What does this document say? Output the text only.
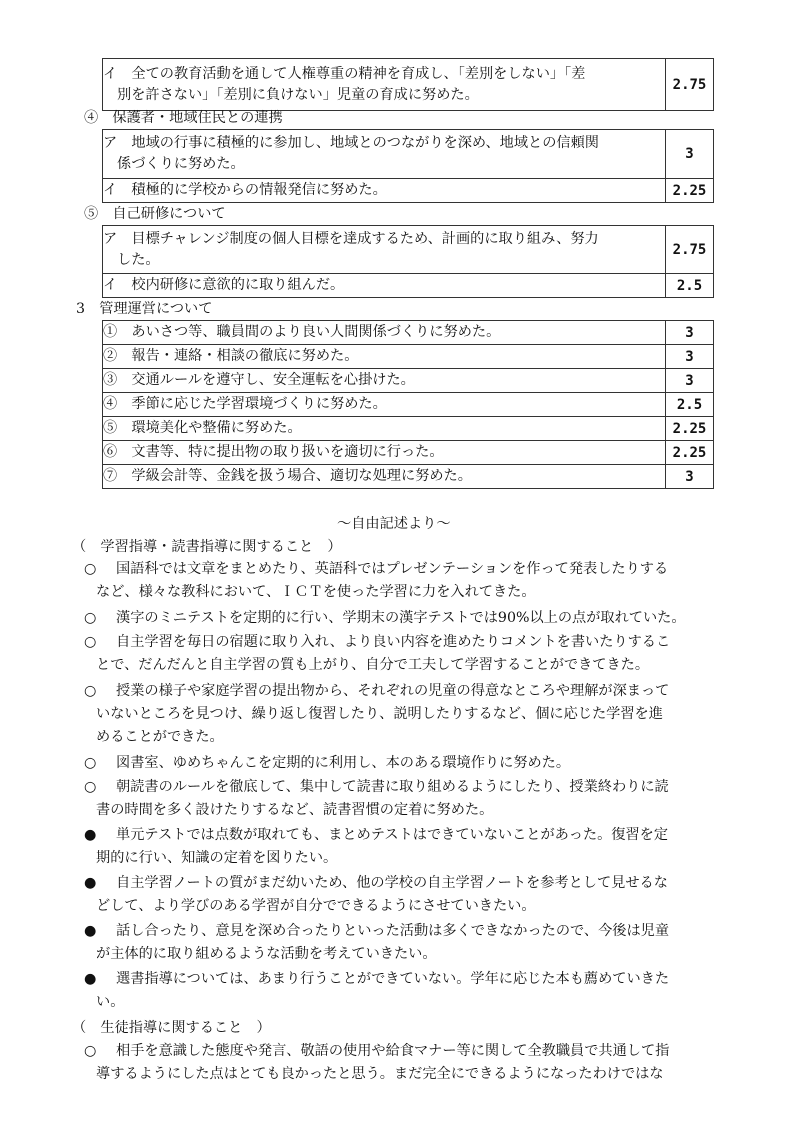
イ　全ての教育活動を通して人権尊重の精神を育成し、「差別をしない」「差
別を許さない」「差別に負けない」児童の育成に努めた。
	2.75
④　保護者・地域住民との連携
ア　地域の行事に積極的に参加し、地域とのつながりを深め、地域との信頼関
係づくりに努めた。	3

イ　積極的に学校からの情報発信に努めた。	2.25
⑤　自己研修について
ア　目標チャレンジ制度の個人目標を達成するため、計画的に取り組み、努力
した。	2.75

イ　校内研修に意欲的に取り組んだ。	2.5
3　管理運営について
①　あいさつ等、職員間のより良い人間関係づくりに努めた。	3
②　報告・連絡・相談の徹底に努めた。	3
③　交通ルールを遵守し、安全運転を心掛けた。	3
④　季節に応じた学習環境づくりに努めた。	2.5
⑤　環境美化や整備に努めた。	2.25
⑥　文書等、特に提出物の取り扱いを適切に行った。	2.25
⑦　学級会計等、金銭を扱う場合、適切な処理に努めた。	3
～自由記述より～
（　学習指導・読書指導に関すること　）
○ 国語科では文章をまとめたり、英語科ではプレゼンテーションを作って発表したりする
など、様々な教科において、ＩＣＴを使った学習に力を入れてきた。
○ 漢字のミニテストを定期的に行い、学期末の漢字テストでは90%以上の点が取れていた。
○ 自主学習を毎日の宿題に取り入れ、より良い内容を進めたりコメントを書いたりするこ
とで、だんだんと自主学習の質も上がり、自分で工夫して学習することができてきた。
○ 授業の様子や家庭学習の提出物から、それぞれの児童の得意なところや理解が深まって
いないところを見つけ、繰り返し復習したり、説明したりするなど、個に応じた学習を進
めることができた。
○ 図書室、ゆめちゃんこを定期的に利用し、本のある環境作りに努めた。
○ 朝読書のルールを徹底して、集中して読書に取り組めるようにしたり、授業終わりに読
書の時間を多く設けたりするなど、読書習慣の定着に努めた。
● 単元テストでは点数が取れても、まとめテストはできていないことがあった。復習を定
期的に行い、知識の定着を図りたい。
● 自主学習ノートの質がまだ幼いため、他の学校の自主学習ノートを参考として見せるな
どして、より学びのある学習が自分でできるようにさせていきたい。
● 話し合ったり、意見を深め合ったりといった活動は多くできなかったので、今後は児童
が主体的に取り組めるような活動を考えていきたい。
● 選書指導については、あまり行うことができていない。学年に応じた本も薦めていきた
い。
（　生徒指導に関すること　）
○ 相手を意識した態度や発言、敬語の使用や給食マナー等に関して全教職員で共通して指
導するようにした点はとても良かったと思う。まだ完全にできるようになったわけではな
